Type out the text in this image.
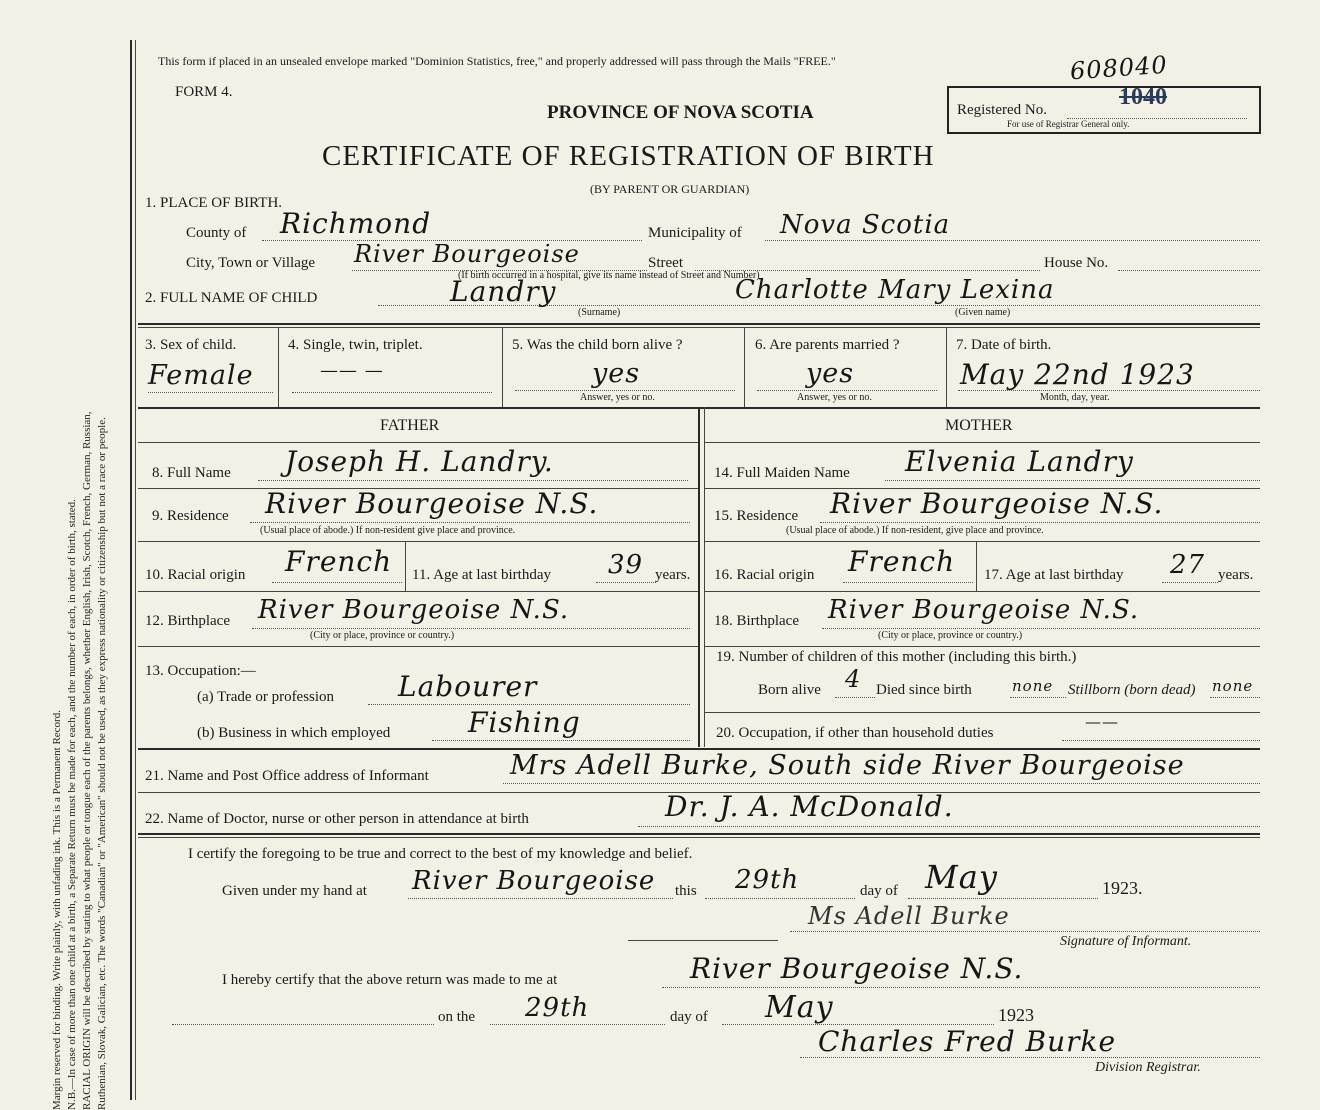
Margin reserved for binding. Write plainly, with unfading ink. This is a Permanent Record. N.B.—In case of more than one child at a birth, a Separate Return must be made for each, and the number of each, in order of birth, stated. RACIAL ORIGIN will be described by stating to what people or tongue each of the parents belongs, whether English, Irish, Scotch, French, German, Russian, Ruthenian, Slovak, Galician, etc. The words "Canadian" or "American" should not be used, as they express nationality or citizenship but not a race or people.
This form if placed in an unsealed envelope marked "Dominion Statistics, free," and properly addressed will pass through the Mails "FREE."
FORM 4.
PROVINCE OF NOVA SCOTIA
CERTIFICATE OF REGISTRATION OF BIRTH
(BY PARENT OR GUARDIAN)
608040
Registered No.	1040
For use of Registrar General only.
1. PLACE OF BIRTH.
County of Richmond	Municipality of Nova Scotia
City, Town or Village River Bourgeoise	Street	House No.
(If birth occurred in a hospital, give its name instead of Street and Number)
2. FULL NAME OF CHILD	Landry
(Surname)
Charlotte Mary Lexina
(Given name)
3. Sex of child.
Female
4. Single, twin, triplet.
—— —
5. Was the child born alive ?
yes
Answer, yes or no.
6. Are parents married ?
yes
Answer, yes or no.
7. Date of birth.
May 22nd 1923
Month, day, year.
FATHER	MOTHER
8. Full Name Joseph H. Landry.
9. Residence River Bourgeoise N.S.
(Usual place of abode.) If non-resident give place and province.
10. Racial origin French 11. Age at last birthday 39 years.
12. Birthplace River Bourgeoise N.S.
(City or place, province or country.)
13. Occupation:—
(a) Trade or profession Labourer
(b) Business in which employed	Fishing
14. Full Maiden Name Elvenia Landry
15. Residence River Bourgeoise N.S.
(Usual place of abode.) If non-resident, give place and province.
16. Racial origin French 17. Age at last birthday 27 years.
18. Birthplace River Bourgeoise N.S.
(City or place, province or country.)
19. Number of children of this mother (including this birth.)
Born alive 4 Died since birth	none Stillborn (born dead) none
20. Occupation, if other than household duties
——
21. Name and Post Office address of Informant	Mrs Adell Burke, South side River Bourgeoise
22. Name of Doctor, nurse or other person in attendance at birth	Dr. J. A. McDonald.
I certify the foregoing to be true and correct to the best of my knowledge and belief.
Given under my hand at River Bourgeoise this 29th	day of May	1923.
Ms Adell Burke
Signature of Informant.
I hereby certify that the above return was made to me at	River Bourgeoise N.S.
on the 29th	day of May	1923
Charles Fred Burke
Division Registrar.
